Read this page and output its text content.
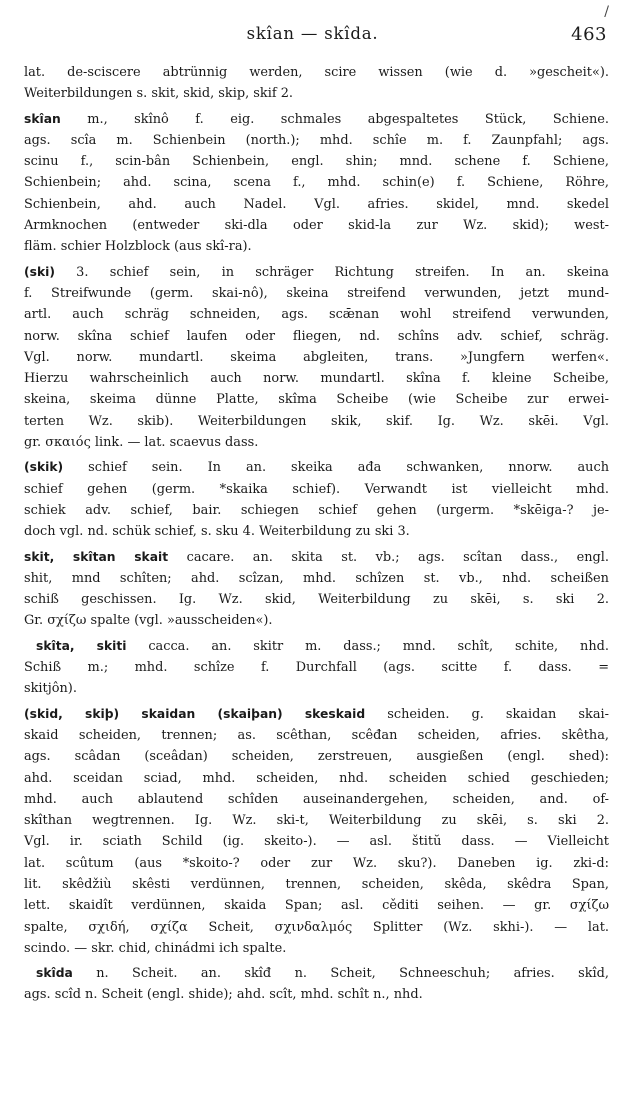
/
skîan — skîda.	463
lat. de-sciscere abtrünnig werden, scire wissen (wie d. »gescheit«).
Weiterbildungen s. skit, skid, skip, skif 2.
skîan m., skînô f. eig. schmales abgespaltetes Stück, Schiene.
ags. scîa m. Schienbein (north.); mhd. schîe m. f. Zaunpfahl; ags.
scinu f., scin-bân Schienbein, engl. shin; mnd. schene f. Schiene,
Schienbein; ahd. scina, scena f., mhd. schin(e) f. Schiene, Röhre,
Schienbein, ahd. auch Nadel. Vgl. afries. skidel, mnd. skedel
Armknochen (entweder ski-dla oder skid-la zur Wz. skid); west-
fläm. schier Holzblock (aus skî-ra).
(ski) 3. schief sein, in schräger Richtung streifen. In an. skeina
f. Streifwunde (germ. skai-nô), skeina streifend verwunden, jetzt mund-
artl. auch schräg schneiden, ags. scǣnan wohl streifend verwunden,
norw. skîna schief laufen oder fliegen, nd. schîns adv. schief, schräg.
Vgl. norw. mundartl. skeima abgleiten, trans. »Jungfern werfen«.
Hierzu wahrscheinlich auch norw. mundartl. skîna f. kleine Scheibe,
skeina, skeima dünne Platte, skîma Scheibe (wie Scheibe zur erwei-
terten Wz. skib). Weiterbildungen skik, skif. Ig. Wz. skēi. Vgl.
gr. σκαιός link. — lat. scaevus dass.
(skik) schief sein. In an. skeika ađa schwanken, nnorw. auch
schief gehen (germ. *skaika schief). Verwandt ist vielleicht mhd.
schiek adv. schief, bair. schiegen schief gehen (urgerm. *skēiga-? je-
doch vgl. nd. schük schief, s. sku 4. Weiterbildung zu ski 3.
skit, skîtan skait cacare. an. skita st. vb.; ags. scîtan dass., engl.
shit, mnd schîten; ahd. scîzan, mhd. schîzen st. vb., nhd. scheißen
schiß geschissen. Ig. Wz. skid, Weiterbildung zu skēi, s. ski 2.
Gr. σχίζω spalte (vgl. »ausscheiden«).
skîta, skiti cacca. an. skitr m. dass.; mnd. schît, schite, nhd.
Schiß m.; mhd. schîze f. Durchfall (ags. scitte f. dass. =
skitjôn).
(skid, skiþ) skaidan (skaiþan) skeskaid scheiden. g. skaidan skai-
skaid scheiden, trennen; as. scêthan, scêđan scheiden, afries. skêtha,
ags. scâdan (sceâdan) scheiden, zerstreuen, ausgießen (engl. shed):
ahd. sceidan sciad, mhd. scheiden, nhd. scheiden schied geschieden;
mhd. auch ablautend schîden auseinandergehen, scheiden, and. of-
skîthan wegtrennen. Ig. Wz. ski-t, Weiterbildung zu skēi, s. ski 2.
Vgl. ir. sciath Schild (ig. skeito-). — asl. štitŭ dass. — Vielleicht
lat. scûtum (aus *skoito-? oder zur Wz. sku?). Daneben ig. zki-d:
lit. skêdžiù skêsti verdünnen, trennen, scheiden, skêda, skêdra Span,
lett. skaidît verdünnen, skaida Span; asl. cěditi seihen. — gr. σχίζω
spalte, σχιδή, σχίζα Scheit, σχινδαλμός Splitter (Wz. skhi-). — lat.
scindo. — skr. chid, chinádmi ich spalte.
skîda n. Scheit. an. skîđ n. Scheit, Schneeschuh; afries. skîd,
ags. scîd n. Scheit (engl. shide); ahd. scît, mhd. schît n., nhd.
